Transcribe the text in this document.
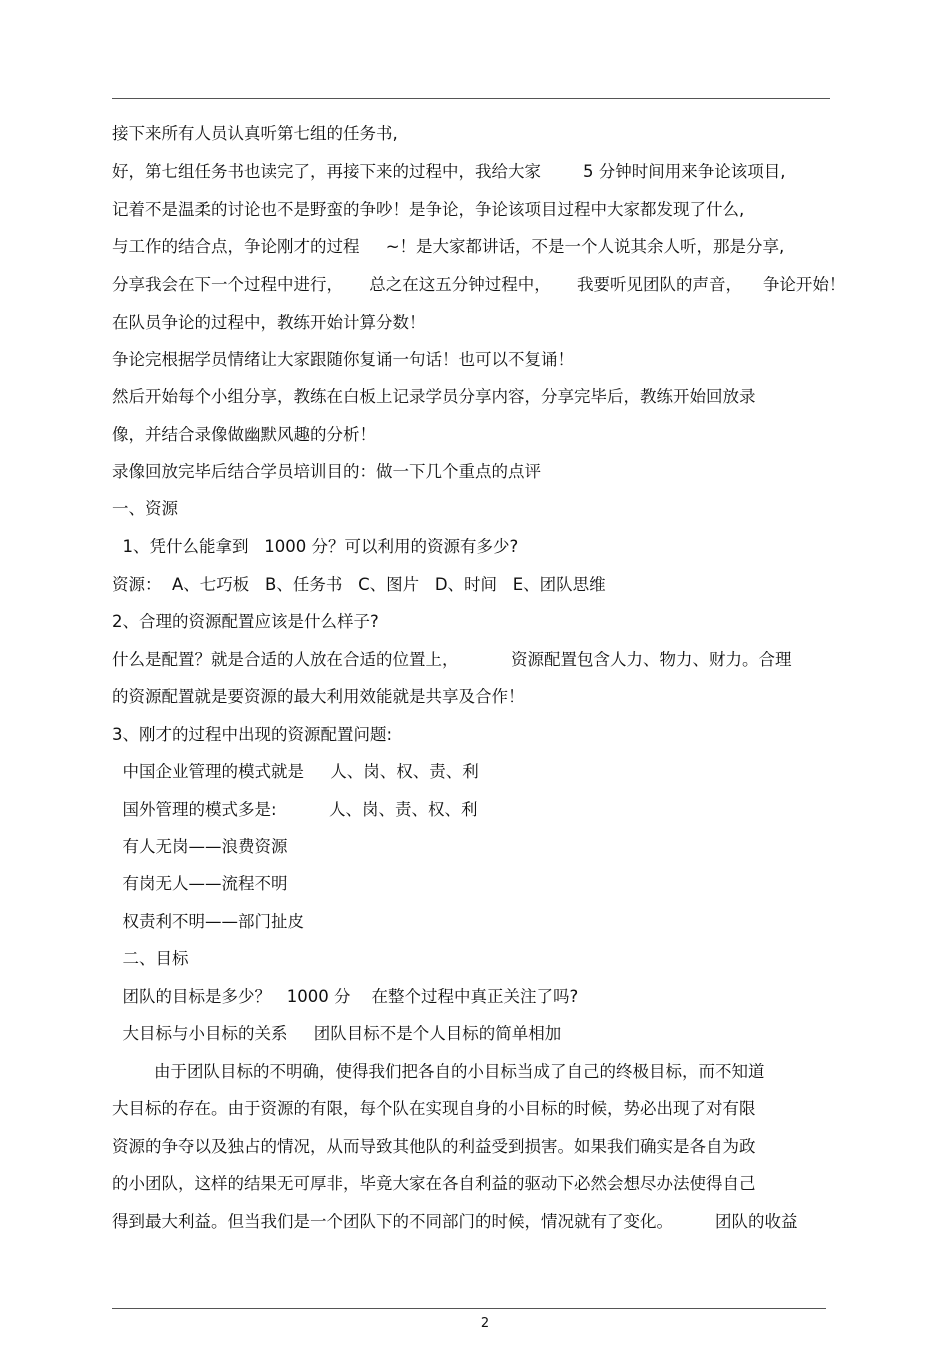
接下来所有人员认真听第七组的任务书,
好，第七组任务书也读完了，再接下来的过程中，我给大家        5 分钟时间用来争论该项目,
记着不是温柔的讨论也不是野蛮的争吵！是争论，争论该项目过程中大家都发现了什么,
与工作的结合点，争论刚才的过程     ~！是大家都讲话，不是一个人说其余人听，那是分享,
分享我会在下一个过程中进行，     总之在这五分钟过程中，     我要听见团队的声音，    争论开始！
在队员争论的过程中，教练开始计算分数！
争论完根据学员情绪让大家跟随你复诵一句话！也可以不复诵！
然后开始每个小组分享，教练在白板上记录学员分享内容，分享完毕后，教练开始回放录
像，并结合录像做幽默风趣的分析！
录像回放完毕后结合学员培训目的：做一下几个重点的点评
一、资源
1、凭什么能拿到   1000 分？可以利用的资源有多少?
资源：  A、七巧板   B、任务书   C、图片   D、时间   E、团队思维
2、合理的资源配置应该是什么样子?
什么是配置？就是合适的人放在合适的位置上，          资源配置包含人力、物力、财力。合理
的资源配置就是要资源的最大利用效能就是共享及合作！
3、刚才的过程中出现的资源配置问题:
中国企业管理的模式就是     人、岗、权、责、利
国外管理的模式多是:          人、岗、责、权、利
有人无岗——浪费资源
有岗无人——流程不明
权责利不明——部门扯皮
二、目标
团队的目标是多少？   1000 分    在整个过程中真正关注了吗?
大目标与小目标的关系     团队目标不是个人目标的简单相加
由于团队目标的不明确，使得我们把各自的小目标当成了自己的终极目标，而不知道
大目标的存在。由于资源的有限，每个队在实现自身的小目标的时候，势必出现了对有限
资源的争夺以及独占的情况，从而导致其他队的利益受到损害。如果我们确实是各自为政
的小团队，这样的结果无可厚非，毕竟大家在各自利益的驱动下必然会想尽办法使得自己
得到最大利益。但当我们是一个团队下的不同部门的时候，情况就有了变化。        团队的收益
2
